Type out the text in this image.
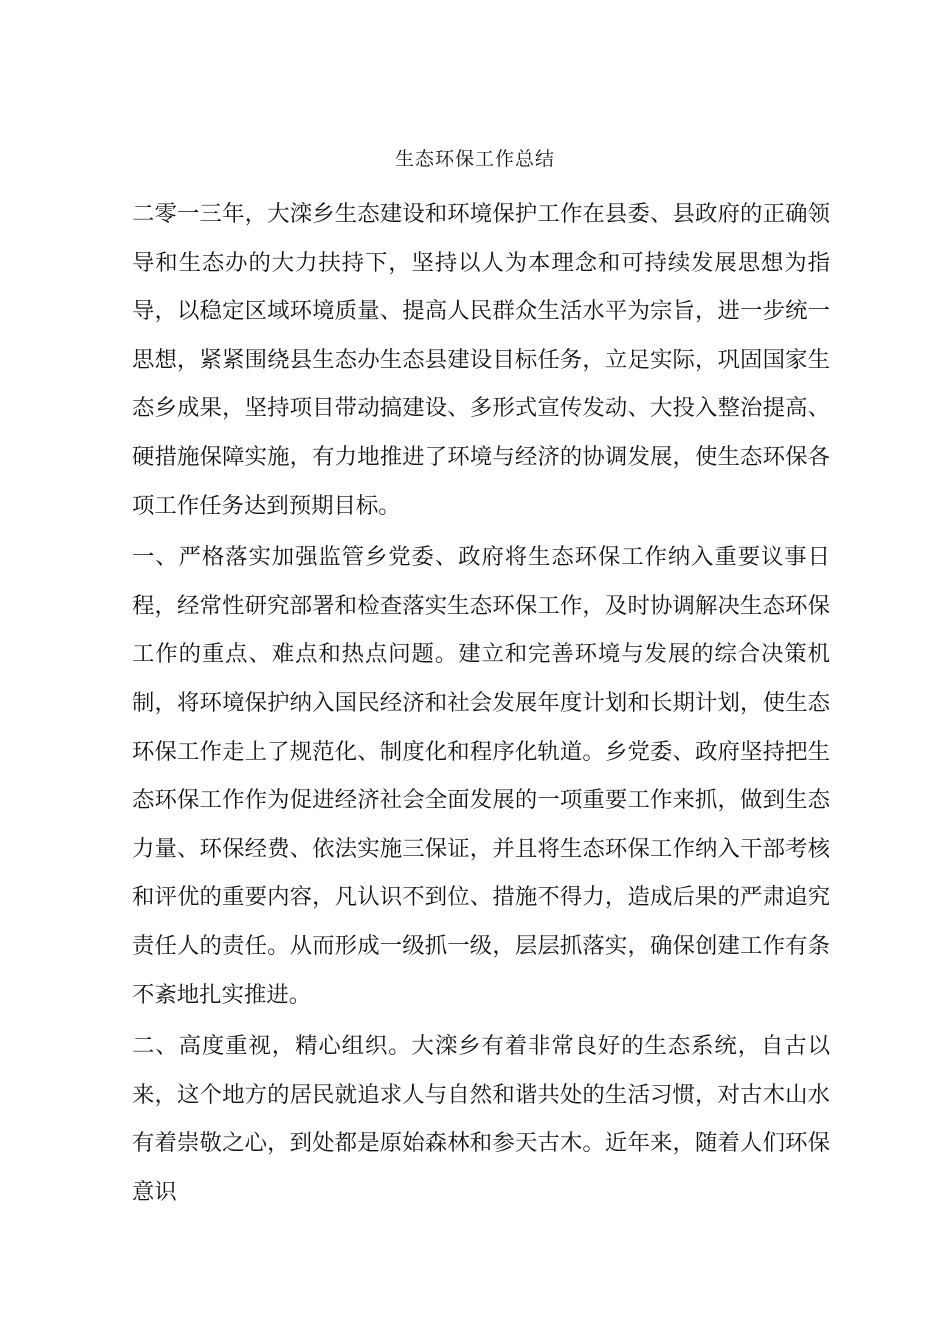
生态环保工作总结

二零一三年，大滦乡生态建设和环境保护工作在县委、县政府的正确领导和生态办的大力扶持下，坚持以人为本理念和可持续发展思想为指导，以稳定区域环境质量、提高人民群众生活水平为宗旨，进一步统一思想，紧紧围绕县生态办生态县建设目标任务，立足实际，巩固国家生态乡成果，坚持项目带动搞建设、多形式宣传发动、大投入整治提高、硬措施保障实施，有力地推进了环境与经济的协调发展，使生态环保各项工作任务达到预期目标。

一、严格落实加强监管乡党委、政府将生态环保工作纳入重要议事日程，经常性研究部署和检查落实生态环保工作，及时协调解决生态环保工作的重点、难点和热点问题。建立和完善环境与发展的综合决策机制，将环境保护纳入国民经济和社会发展年度计划和长期计划，使生态环保工作走上了规范化、制度化和程序化轨道。乡党委、政府坚持把生态环保工作作为促进经济社会全面发展的一项重要工作来抓，做到生态力量、环保经费、依法实施三保证，并且将生态环保工作纳入干部考核和评优的重要内容，凡认识不到位、措施不得力，造成后果的严肃追究责任人的责任。从而形成一级抓一级，层层抓落实，确保创建工作有条不紊地扎实推进。

二、高度重视，精心组织。大滦乡有着非常良好的生态系统，自古以来，这个地方的居民就追求人与自然和谐共处的生活习惯，对古木山水有着崇敬之心，到处都是原始森林和参天古木。近年来，随着人们环保意识
